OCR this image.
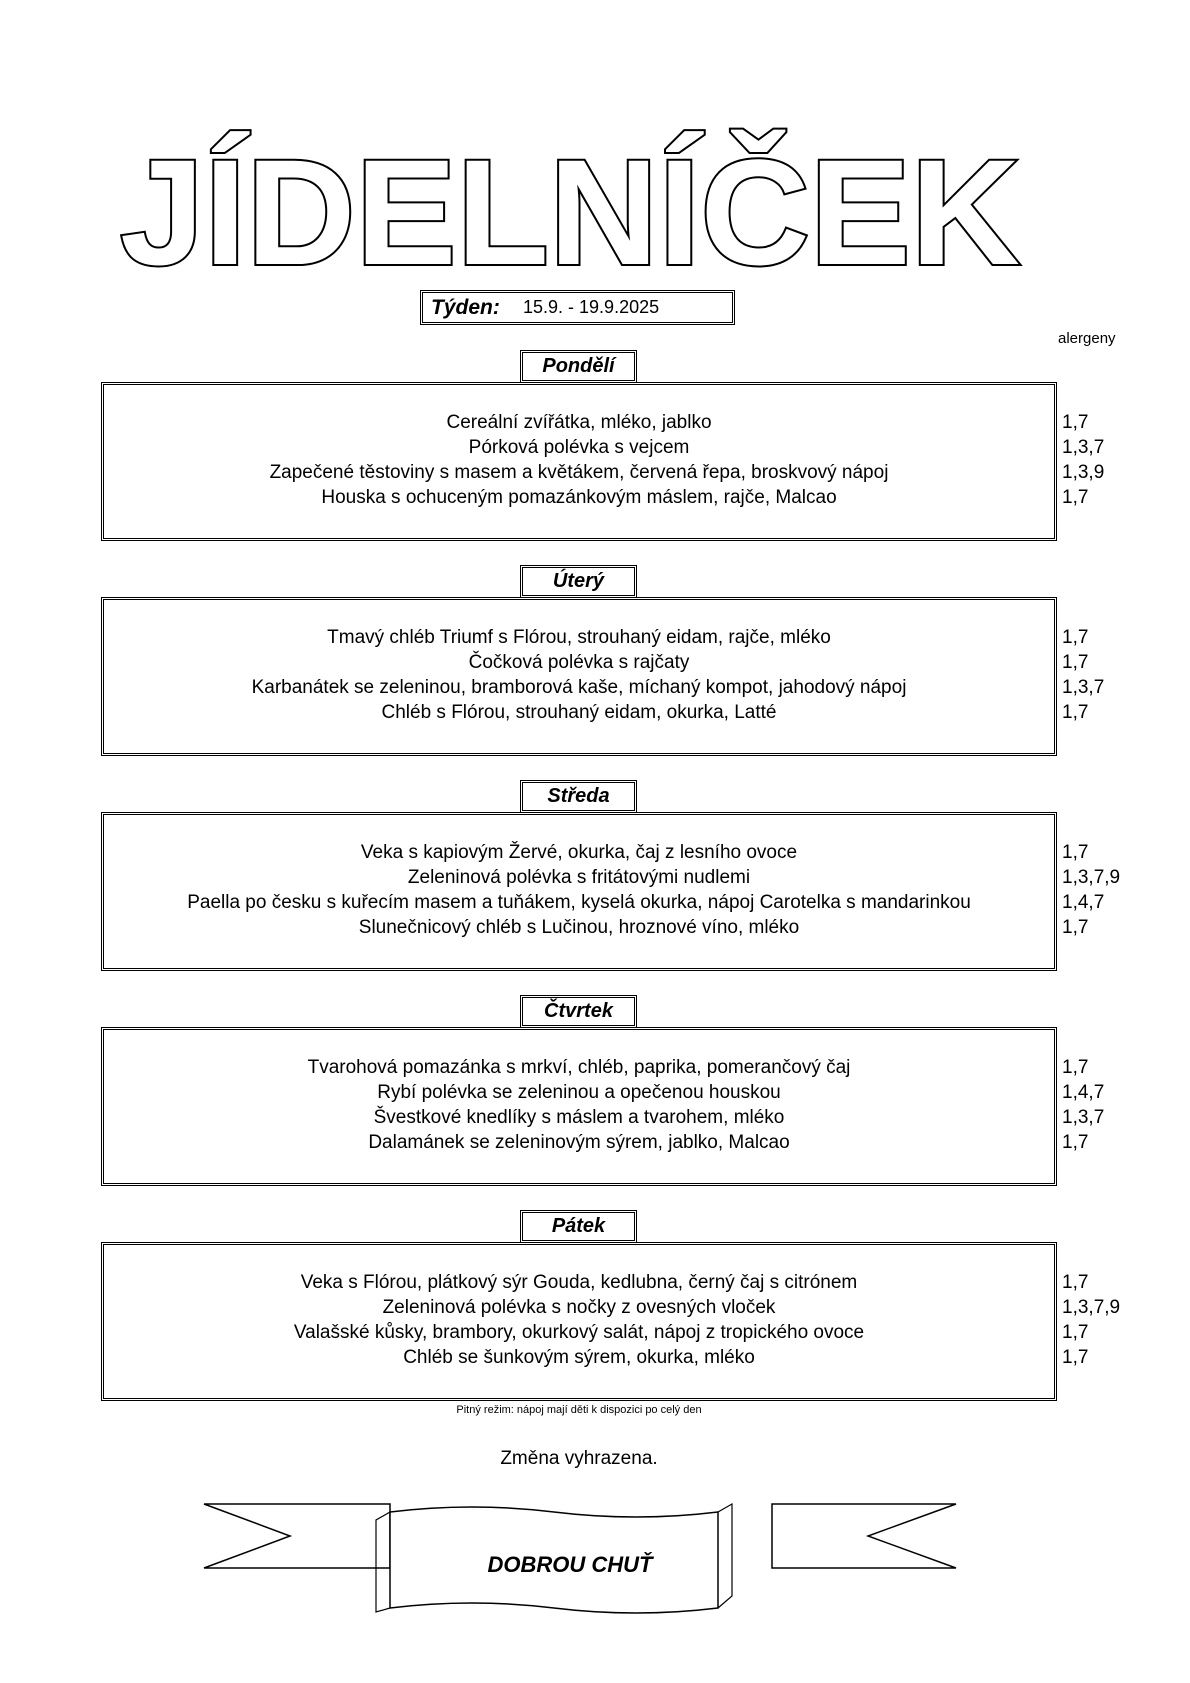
JÍDELNÍČEK
Týden:	15.9. - 19.9.2025
alergeny
Pondělí
Cereální zvířátka, mléko, jablko	1,7
Pórková polévka s vejcem	1,3,7
Zapečené těstoviny s masem a květákem, červená řepa, broskvový nápoj	1,3,9
Houska s ochuceným pomazánkovým máslem, rajče, Malcao	1,7
Úterý
Tmavý chléb Triumf s Flórou, strouhaný eidam, rajče, mléko	1,7
Čočková polévka s rajčaty	1,7
Karbanátek se zeleninou, bramborová kaše, míchaný kompot, jahodový nápoj	1,3,7
Chléb s Flórou, strouhaný eidam, okurka, Latté	1,7
Středa
Veka s kapiovým Žervé, okurka, čaj z lesního ovoce	1,7
Zeleninová polévka s fritátovými nudlemi	1,3,7,9
Paella po česku s kuřecím masem a tuňákem, kyselá okurka, nápoj Carotelka s mandarinkou	1,4,7
Slunečnicový chléb s Lučinou, hroznové víno, mléko	1,7
Čtvrtek
Tvarohová pomazánka s mrkví, chléb, paprika, pomerančový čaj	1,7
Rybí polévka se zeleninou a opečenou houskou	1,4,7
Švestkové knedlíky s máslem a tvarohem, mléko	1,3,7
Dalamánek se zeleninovým sýrem, jablko, Malcao	1,7
Pátek
Veka s Flórou, plátkový sýr Gouda, kedlubna, černý čaj s citrónem	1,7
Zeleninová polévka s nočky z ovesných vloček	1,3,7,9
Valašské kůsky, brambory, okurkový salát, nápoj z tropického ovoce	1,7
Chléb se šunkovým sýrem, okurka, mléko	1,7
Pitný režim: nápoj mají děti k dispozici po celý den
Změna vyhrazena.
DOBROU CHUŤ
